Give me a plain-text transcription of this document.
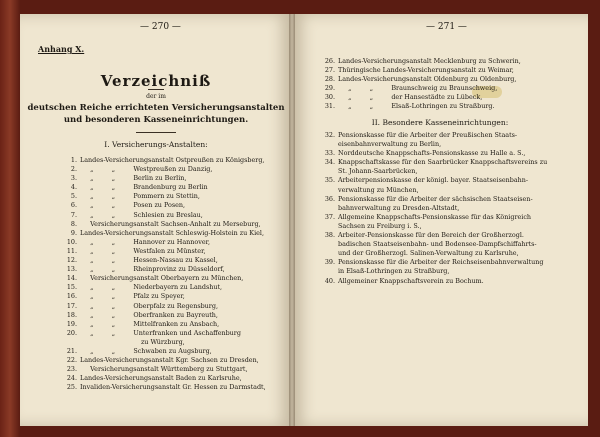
— 270 —
Anhang X.
Verzeichniß
der im
deutschen Reiche errichteten Versicherungsanstalten
und besonderen Kasseneinrichtungen.
I. Versicherungs-Anstalten:
1. Landes-Versicherungsanstalt Ostpreußen zu Königsberg,
2. „         „         Westpreußen zu Danzig,
3. „         „         Berlin zu Berlin,
4. „         „         Brandenburg zu Berlin
5. „         „         Pommern zu Stettin,
6. „         „         Posen zu Posen,
7. „         „         Schlesien zu Breslau,
8. Versicherungsanstalt Sachsen-Anhalt zu Merseburg,
9. Landes-Versicherungsanstalt Schleswig-Holstein zu Kiel,
10. „         „         Hannover zu Hannover,
11. „         „         Westfalen zu Münster,
12. „         „         Hessen-Nassau zu Kassel,
13. „         „         Rheinprovinz zu Düsseldorf,
14. Versicherungsanstalt Oberbayern zu München,
15. „         „         Niederbayern zu Landshut,
16. „         „         Pfalz zu Speyer,
17. „         „         Oberpfalz zu Regensburg,
18. „         „         Oberfranken zu Bayreuth,
19. „         „         Mittelfranken zu Ansbach,
20. „         „         Unterfranken und Aschaffenburg
zu Würzburg,
21. „         „         Schwaben zu Augsburg,
22. Landes-Versicherungsanstalt Kgr. Sachsen zu Dresden,
23. Versicherungsanstalt Württemberg zu Stuttgart,
24. Landes-Versicherungsanstalt Baden zu Karlsruhe,
25. Invaliden-Versicherungsanstalt Gr. Hessen zu Darmstadt,
— 271 —
26. Landes-Versicherungsanstalt Mecklenburg zu Schwerin,
27. Thüringische Landes-Versicherungsanstalt zu Weimar,
28. Landes-Versicherungsanstalt Oldenburg zu Oldenburg,
29. „         „         Braunschweig zu Braunschweig,
30. „         „         der Hansestädte zu Lübeck,
31. „         „         Elsaß-Lothringen zu Straßburg.
II. Besondere Kasseneinrichtungen:
32. Pensionskasse für die Arbeiter der Preußischen Staats-
eisenbahnverwaltung zu Berlin,
33. Norddeutsche Knappschafts-Pensionskasse zu Halle a. S.,
34. Knappschaftskasse für den Saarbrücker Knappschaftsvereins zu
St. Johann-Saarbrücken,
35. Arbeiterpensionskasse der königl. bayer. Staatseisenbahn-
verwaltung zu München,
36. Pensionskasse für die Arbeiter der sächsischen Staatseisen-
bahnverwaltung zu Dresden-Altstadt,
37. Allgemeine Knappschafts-Pensionskasse für das Königreich
Sachsen zu Freiburg i. S.,
38. Arbeiter-Pensionskasse für den Bereich der Großherzogl.
badischen Staatseisenbahn- und Bodensee-Dampfschiffahrts-
und der Großherzogl. Salinen-Verwaltung zu Karlsruhe,
39. Pensionskasse für die Arbeiter der Reichseisenbahnverwaltung
in Elsaß-Lothringen zu Straßburg,
40. Allgemeiner Knappschaftsverein zu Bochum.
